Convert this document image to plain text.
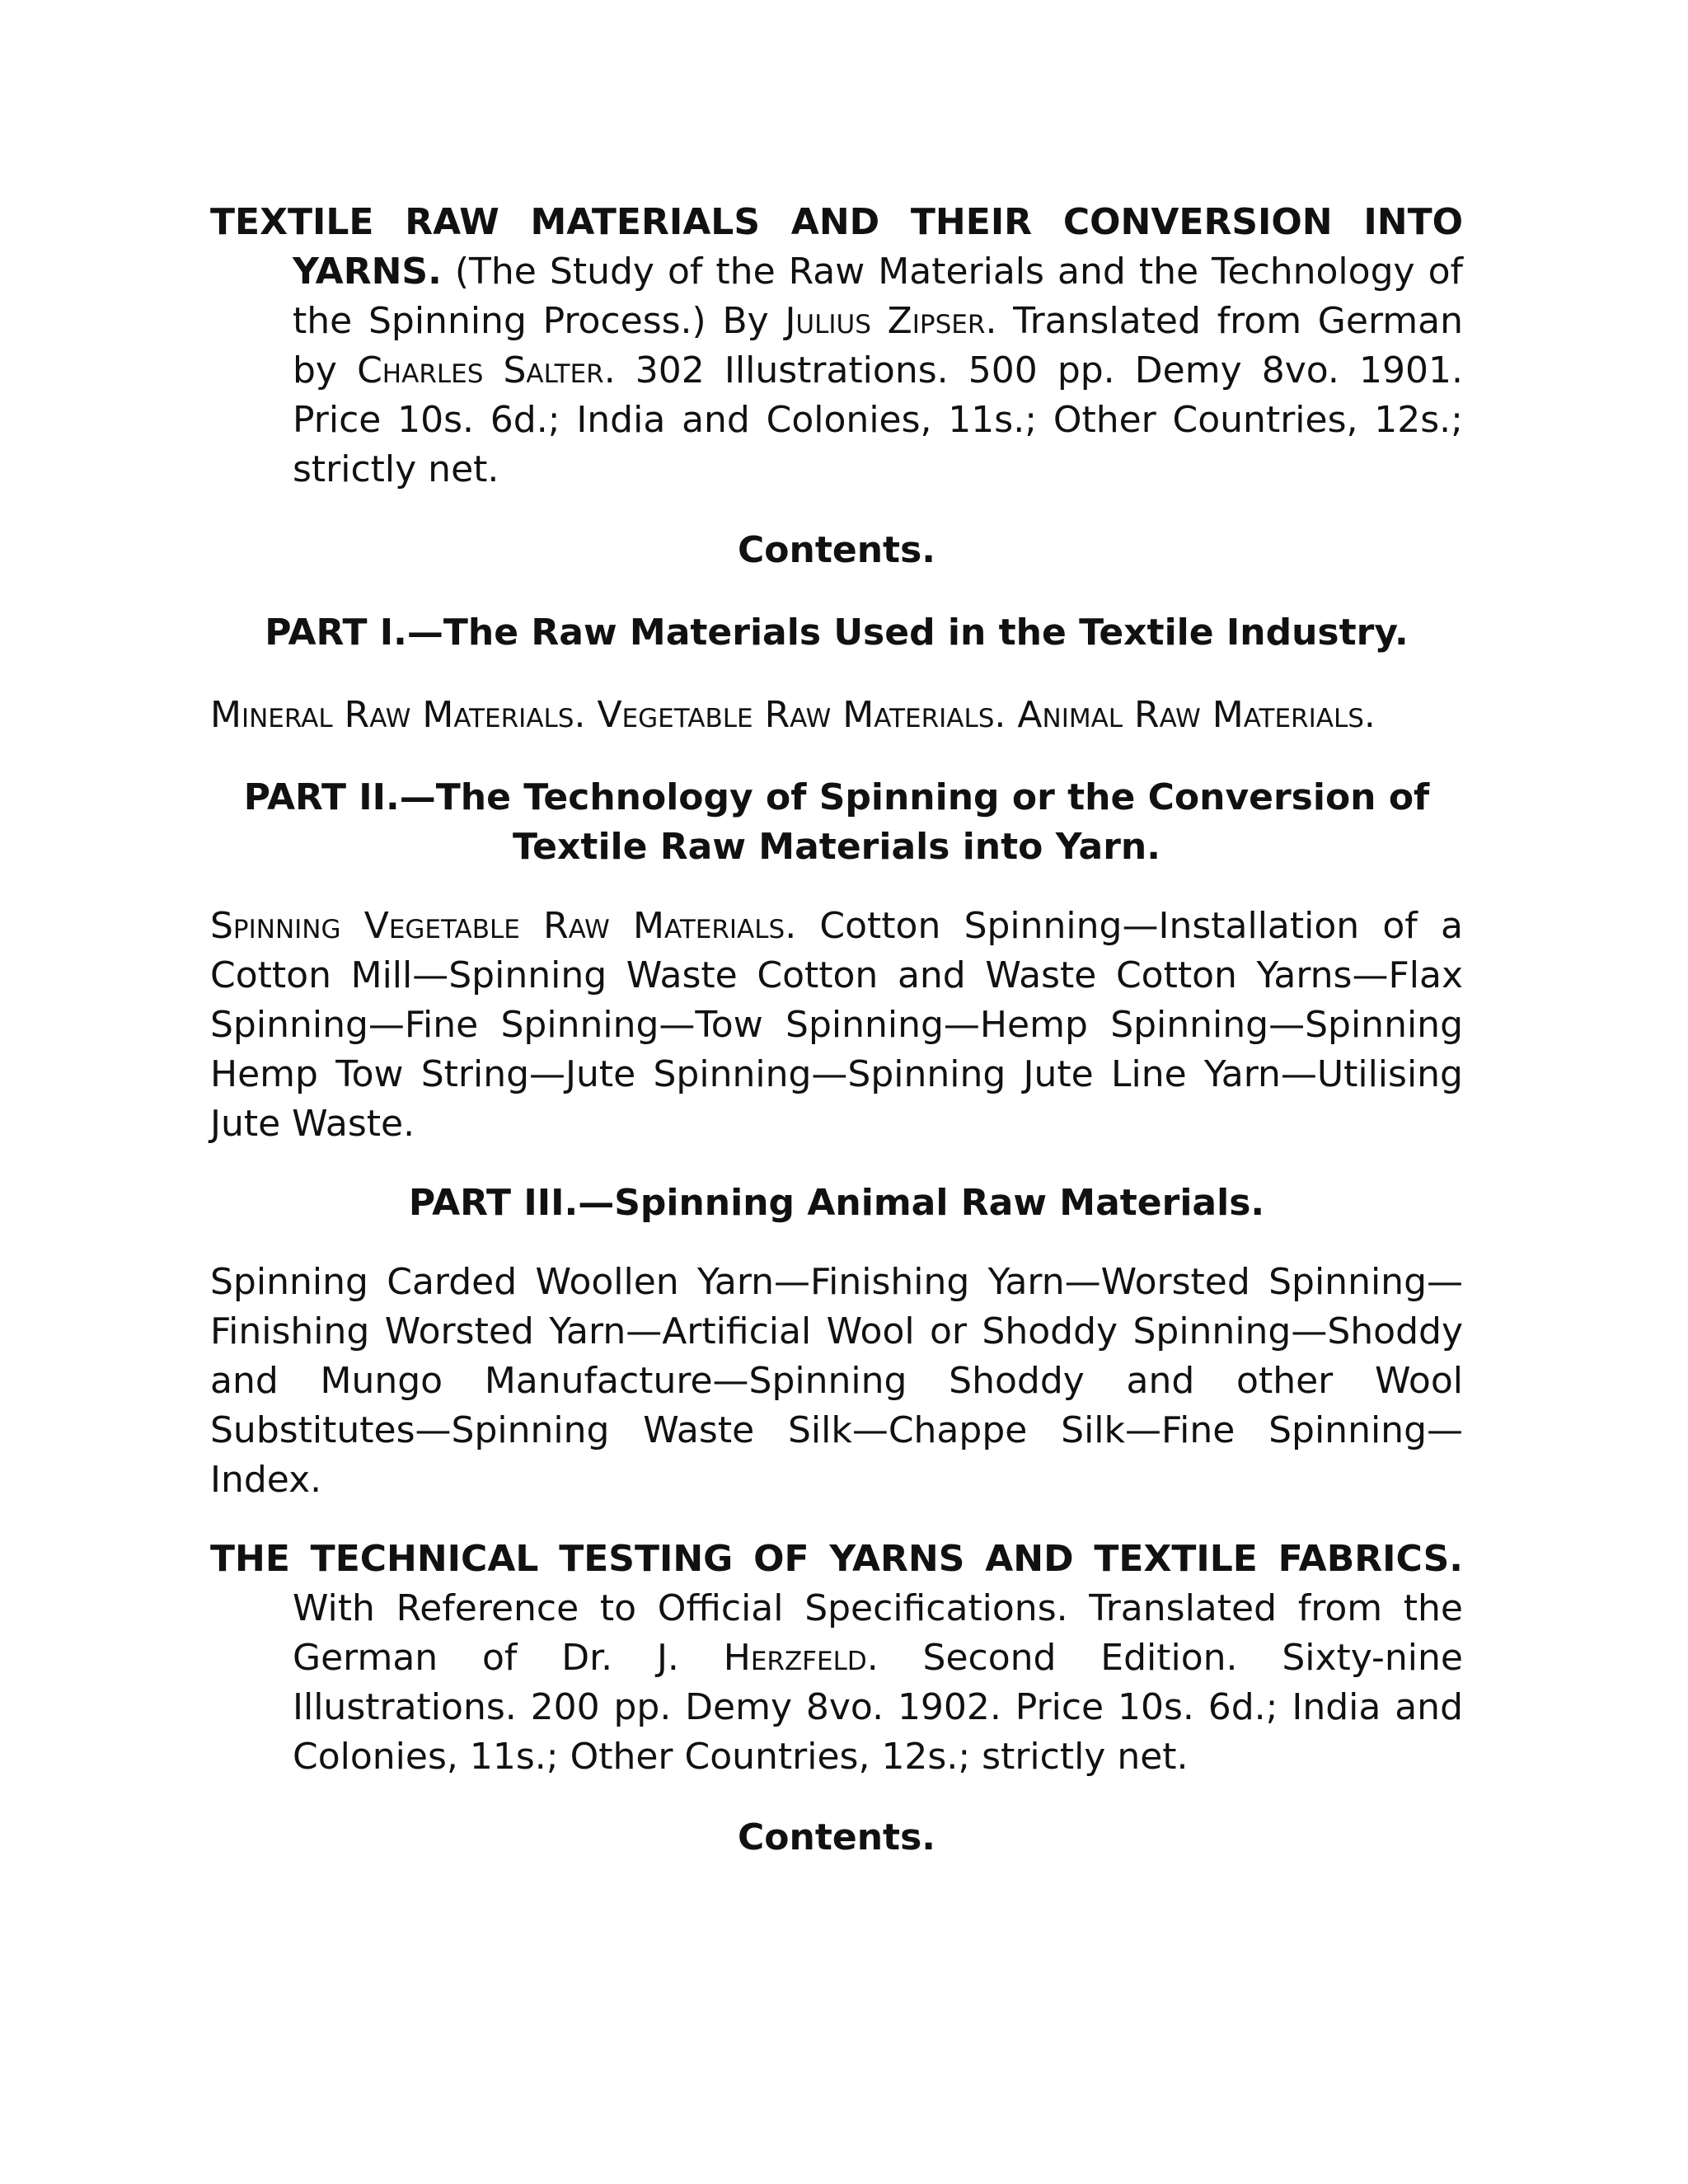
TEXTILE RAW MATERIALS AND THEIR CONVERSION INTO YARNS. (The Study of the Raw Materials and the Technology of the Spinning Process.) By Julius Zipser. Translated from German by Charles Salter. 302 Illustrations. 500 pp. Demy 8vo. 1901. Price 10s. 6d.; India and Colonies, 11s.; Other Countries, 12s.; strictly net.

Contents.

PART I.—The Raw Materials Used in the Textile Industry.

Mineral Raw Materials. Vegetable Raw Materials. Animal Raw Materials.

PART II.—The Technology of Spinning or the Conversion of Textile Raw Materials into Yarn.

Spinning Vegetable Raw Materials. Cotton Spinning—Installation of a Cotton Mill—Spinning Waste Cotton and Waste Cotton Yarns—Flax Spinning—Fine Spinning—Tow Spinning—Hemp Spinning—Spinning Hemp Tow String—Jute Spinning—Spinning Jute Line Yarn—Utilising Jute Waste.

PART III.—Spinning Animal Raw Materials.

Spinning Carded Woollen Yarn—Finishing Yarn—Worsted Spinning—Finishing Worsted Yarn—Artificial Wool or Shoddy Spinning—Shoddy and Mungo Manufacture—Spinning Shoddy and other Wool Substitutes—Spinning Waste Silk—Chappe Silk—Fine Spinning—Index.

THE TECHNICAL TESTING OF YARNS AND TEXTILE FABRICS. With Reference to Official Specifications. Translated from the German of Dr. J. Herzfeld. Second Edition. Sixty-nine Illustrations. 200 pp. Demy 8vo. 1902. Price 10s. 6d.; India and Colonies, 11s.; Other Countries, 12s.; strictly net.

Contents.
